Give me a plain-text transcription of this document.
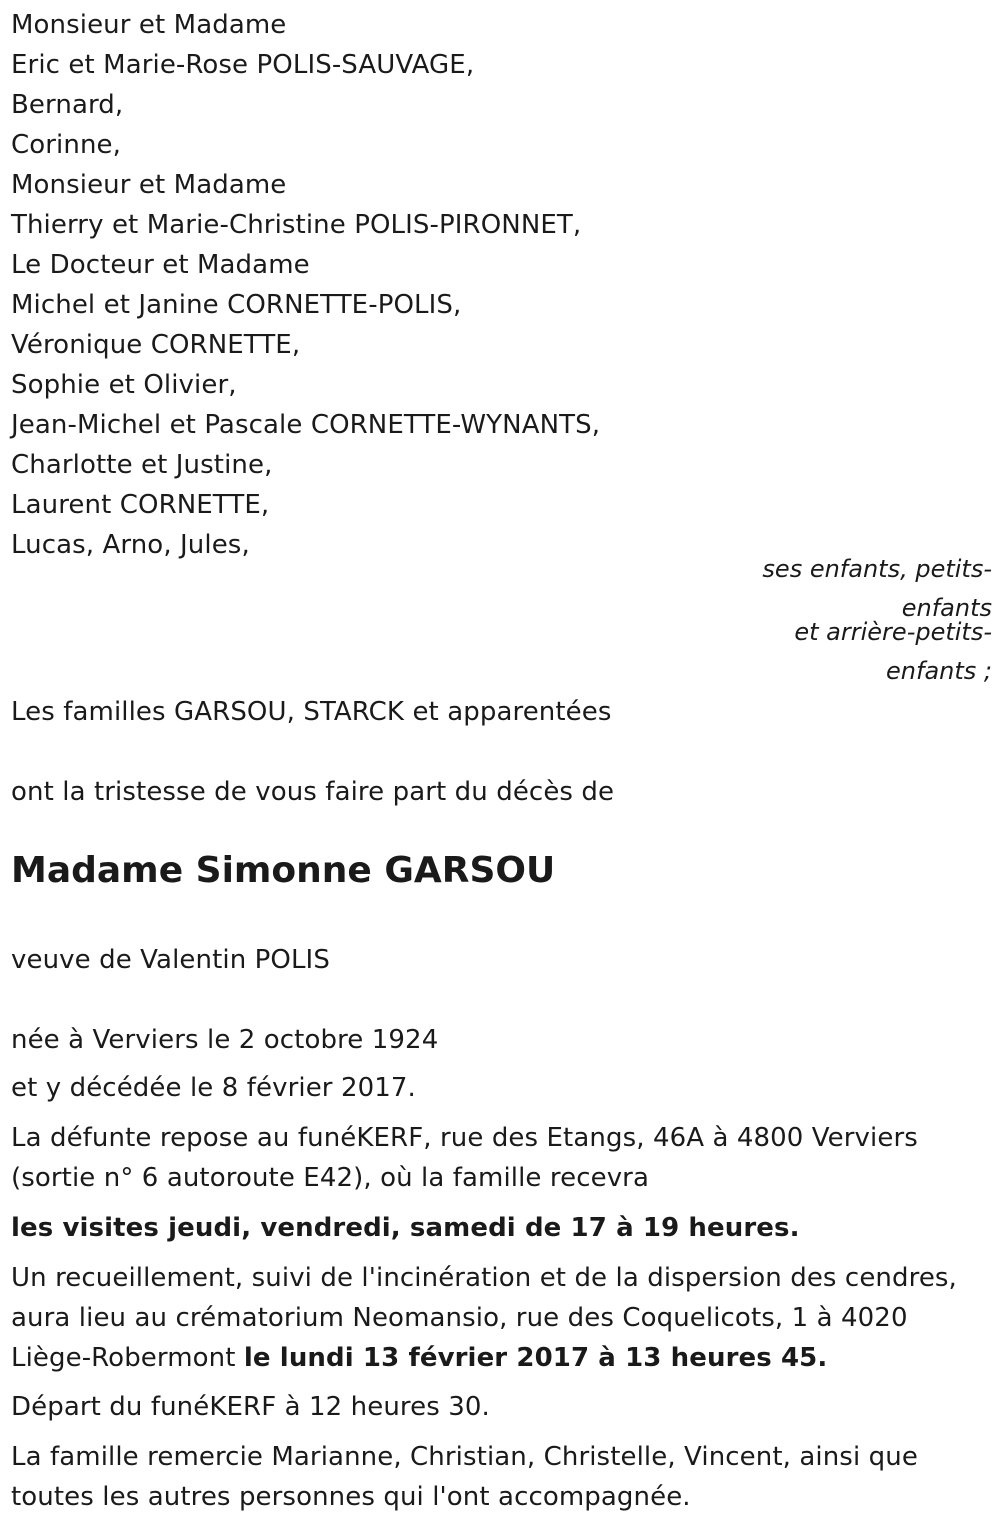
Monsieur et Madame
Eric et Marie-Rose POLIS-SAUVAGE,
Bernard,
Corinne,
Monsieur et Madame
Thierry et Marie-Christine POLIS-PIRONNET,
Le Docteur et Madame
Michel et Janine CORNETTE-POLIS,
Véronique CORNETTE,
Sophie et Olivier,
Jean-Michel et Pascale CORNETTE-WYNANTS,
Charlotte et Justine,
Laurent CORNETTE,
Lucas, Arno, Jules,
ses enfants, petits-
enfants
et arrière-petits-
enfants ;
Les familles GARSOU, STARCK et apparentées
ont la tristesse de vous faire part du décès de
Madame Simonne GARSOU
veuve de Valentin POLIS
née à Verviers le 2 octobre 1924
et y décédée le 8 février 2017.
La défunte repose au funéKERF, rue des Etangs, 46A à 4800 Verviers
(sortie n° 6 autoroute E42), où la famille recevra
les visites jeudi, vendredi, samedi de 17 à 19 heures.
Un recueillement, suivi de l'incinération et de la dispersion des cendres,
aura lieu au crématorium Neomansio, rue des Coquelicots, 1 à 4020
Liège-Robermont le lundi 13 février 2017 à 13 heures 45.
Départ du funéKERF à 12 heures 30.
La famille remercie Marianne, Christian, Christelle, Vincent, ainsi que
toutes les autres personnes qui l'ont accompagnée.
